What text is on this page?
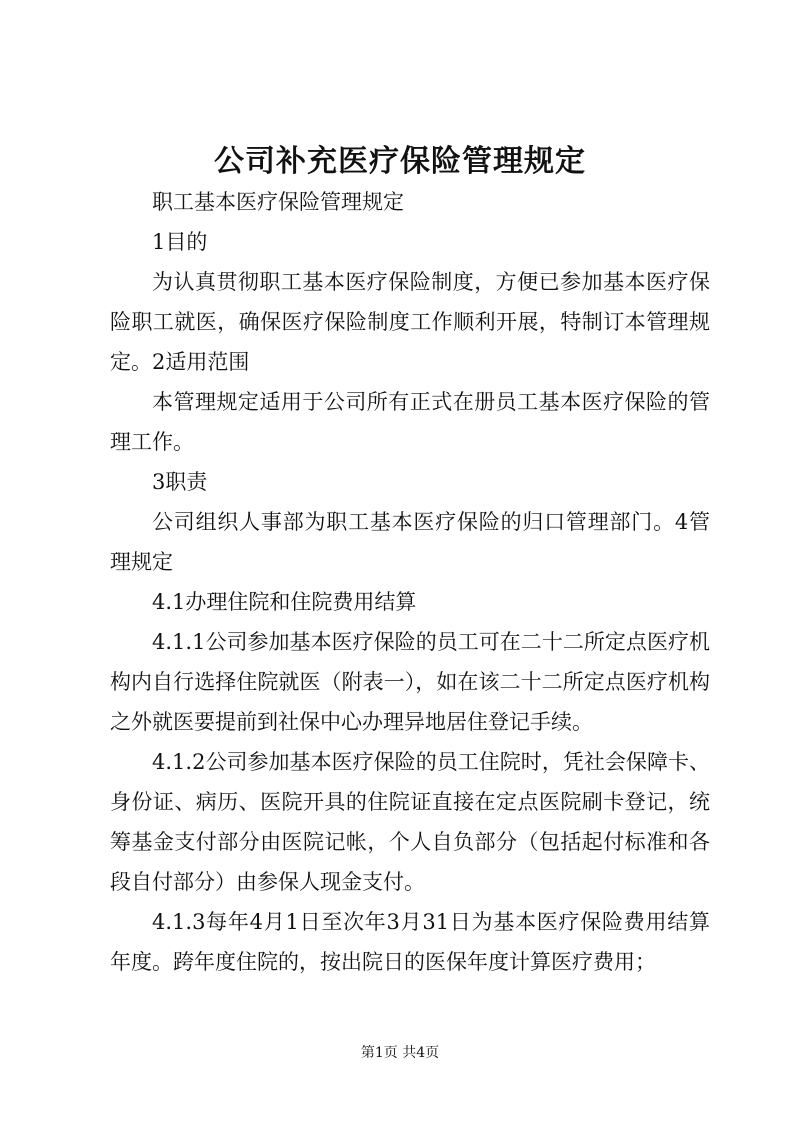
公司补充医疗保险管理规定

职工基本医疗保险管理规定

1目的

为认真贯彻职工基本医疗保险制度，方便已参加基本医疗保险职工就医，确保医疗保险制度工作顺利开展，特制订本管理规定。2适用范围

本管理规定适用于公司所有正式在册员工基本医疗保险的管理工作。

3职责

公司组织人事部为职工基本医疗保险的归口管理部门。4管理规定

4.1办理住院和住院费用结算

4.1.1公司参加基本医疗保险的员工可在二十二所定点医疗机构内自行选择住院就医（附表一），如在该二十二所定点医疗机构之外就医要提前到社保中心办理异地居住登记手续。

4.1.2公司参加基本医疗保险的员工住院时，凭社会保障卡、身份证、病历、医院开具的住院证直接在定点医院刷卡登记，统筹基金支付部分由医院记帐，个人自负部分（包括起付标准和各段自付部分）由参保人现金支付。

4.1.3每年4月1日至次年3月31日为基本医疗保险费用结算年度。跨年度住院的，按出院日的医保年度计算医疗费用；

第1页 共4页
